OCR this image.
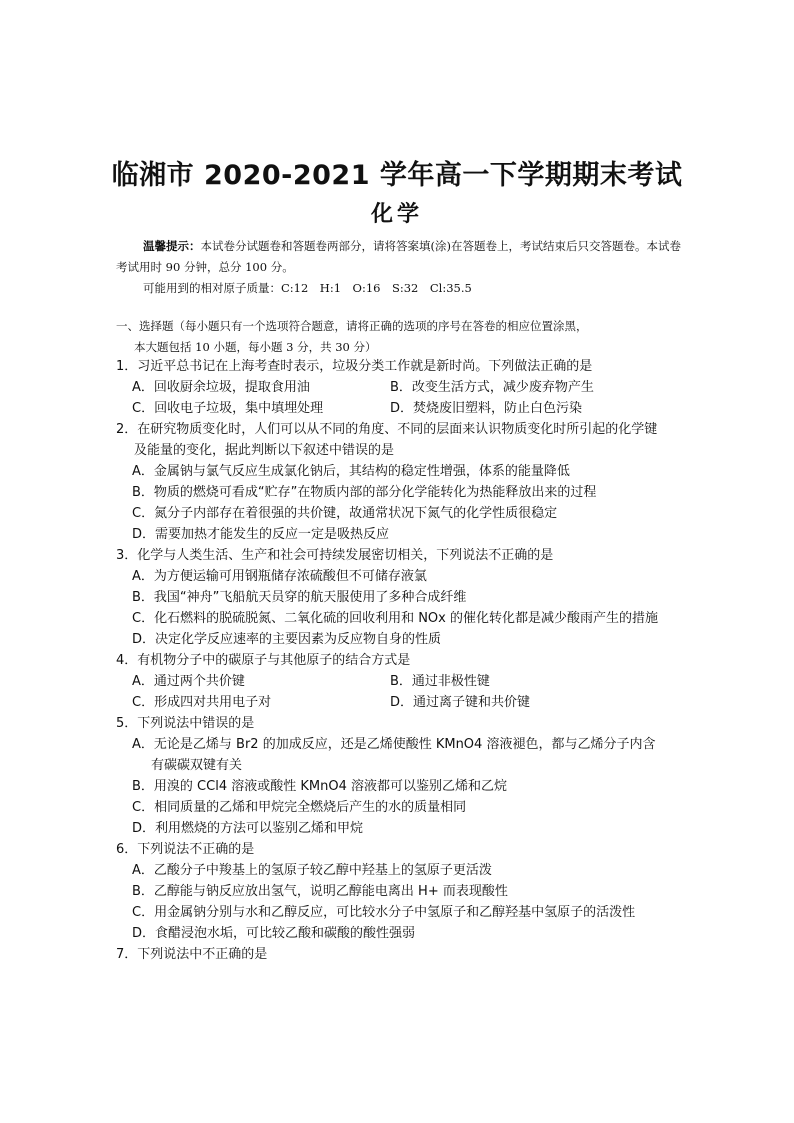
临湘市 2020-2021 学年高一下学期期末考试
化学

温馨提示：本试卷分试题卷和答题卷两部分，请将答案填(涂)在答题卷上，考试结束后只交答题卷。本试卷考试用时 90 分钟，总分 100 分。

可能用到的相对原子质量：C:12　H:1　O:16　S:32　Cl:35.5

一、选择题（每小题只有一个选项符合题意，请将正确的选项的序号在答卷的相应位置涂黑，

本大题包括 10 小题，每小题 3 分，共 30 分）

1．习近平总书记在上海考查时表示，垃圾分类工作就是新时尚。下列做法正确的是

A．回收厨余垃圾，提取食用油	B．改变生活方式，减少废弃物产生
C．回收电子垃圾，集中填埋处理	D．焚烧废旧塑料，防止白色污染

2．在研究物质变化时，人们可以从不同的角度、不同的层面来认识物质变化时所引起的化学键

及能量的变化，据此判断以下叙述中错误的是

A．金属钠与氯气反应生成氯化钠后，其结构的稳定性增强，体系的能量降低

B．物质的燃烧可看成“贮存”在物质内部的部分化学能转化为热能释放出来的过程

C．氮分子内部存在着很强的共价键，故通常状况下氮气的化学性质很稳定

D．需要加热才能发生的反应一定是吸热反应

3．化学与人类生活、生产和社会可持续发展密切相关，下列说法不正确的是

A．为方便运输可用钢瓶储存浓硫酸但不可储存液氯

B．我国“神舟”飞船航天员穿的航天服使用了多种合成纤维

C．化石燃料的脱硫脱氮、二氧化硫的回收利用和 NOx 的催化转化都是减少酸雨产生的措施

D．决定化学反应速率的主要因素为反应物自身的性质

4．有机物分子中的碳原子与其他原子的结合方式是

A．通过两个共价键	B．通过非极性键
C．形成四对共用电子对	D．通过离子键和共价键

5．下列说法中错误的是

A．无论是乙烯与 Br2 的加成反应，还是乙烯使酸性 KMnO4 溶液褪色，都与乙烯分子内含

有碳碳双键有关

B．用溴的 CCl4 溶液或酸性 KMnO4 溶液都可以鉴别乙烯和乙烷

C．相同质量的乙烯和甲烷完全燃烧后产生的水的质量相同

D．利用燃烧的方法可以鉴别乙烯和甲烷

6．下列说法不正确的是

A．乙酸分子中羧基上的氢原子较乙醇中羟基上的氢原子更活泼

B．乙醇能与钠反应放出氢气，说明乙醇能电离出 H+ 而表现酸性

C．用金属钠分别与水和乙醇反应，可比较水分子中氢原子和乙醇羟基中氢原子的活泼性

D．食醋浸泡水垢，可比较乙酸和碳酸的酸性强弱

7．下列说法中不正确的是
